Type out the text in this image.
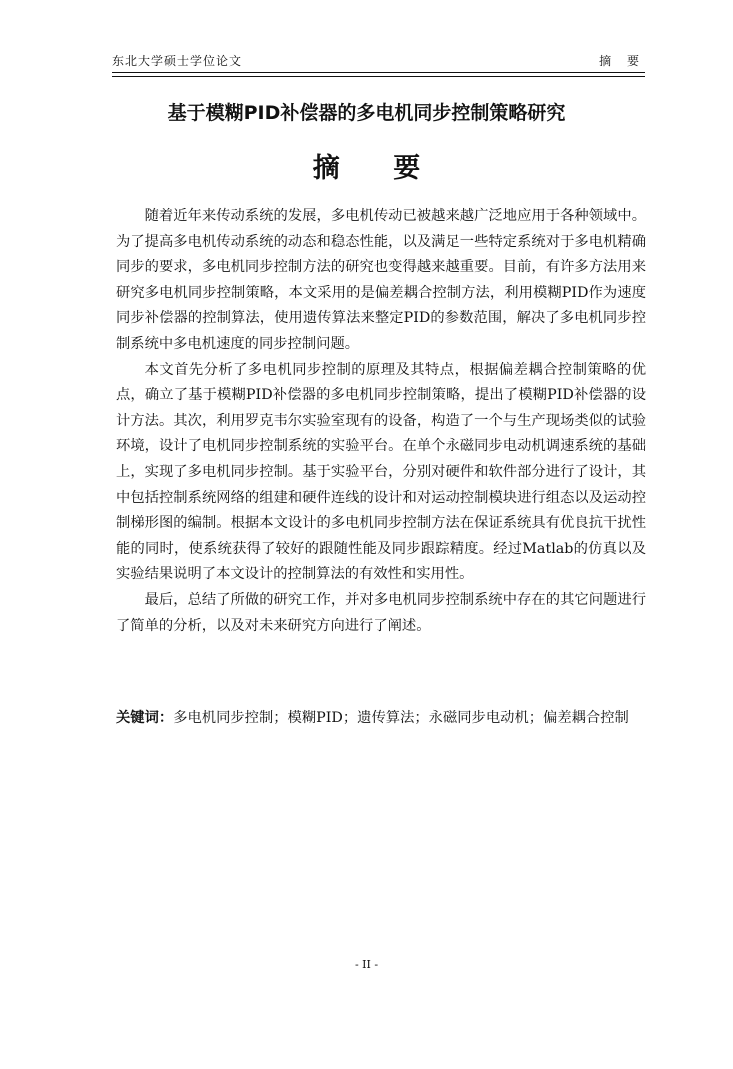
东北大学硕士学位论文	摘 要
基于模糊PID补偿器的多电机同步控制策略研究
摘 要

随着近年来传动系统的发展，多电机传动已被越来越广泛地应用于各种领域中。为了提高多电机传动系统的动态和稳态性能，以及满足一些特定系统对于多电机精确同步的要求，多电机同步控制方法的研究也变得越来越重要。目前，有许多方法用来研究多电机同步控制策略，本文采用的是偏差耦合控制方法，利用模糊PID作为速度同步补偿器的控制算法，使用遗传算法来整定PID的参数范围，解决了多电机同步控制系统中多电机速度的同步控制问题。

本文首先分析了多电机同步控制的原理及其特点，根据偏差耦合控制策略的优点，确立了基于模糊PID补偿器的多电机同步控制策略，提出了模糊PID补偿器的设计方法。其次，利用罗克韦尔实验室现有的设备，构造了一个与生产现场类似的试验环境，设计了电机同步控制系统的实验平台。在单个永磁同步电动机调速系统的基础上，实现了多电机同步控制。基于实验平台，分别对硬件和软件部分进行了设计，其中包括控制系统网络的组建和硬件连线的设计和对运动控制模块进行组态以及运动控制梯形图的编制。根据本文设计的多电机同步控制方法在保证系统具有优良抗干扰性能的同时，使系统获得了较好的跟随性能及同步跟踪精度。经过Matlab的仿真以及实验结果说明了本文设计的控制算法的有效性和实用性。

最后，总结了所做的研究工作，并对多电机同步控制系统中存在的其它问题进行了简单的分析，以及对未来研究方向进行了阐述。

关键词：多电机同步控制；模糊PID；遗传算法；永磁同步电动机；偏差耦合控制
- II -
